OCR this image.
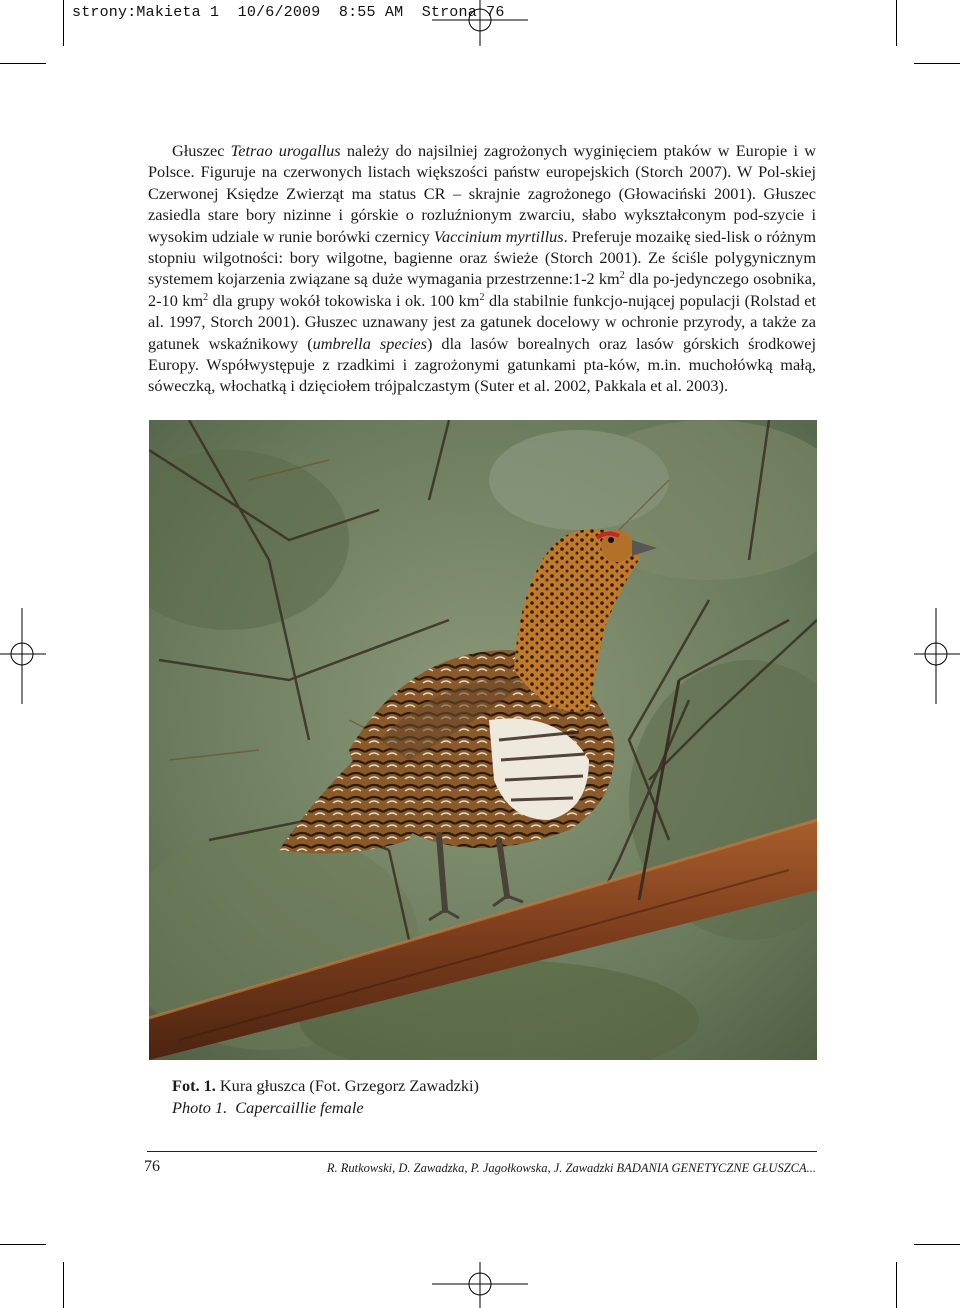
strony:Makieta 1 10/6/2009 8:55 AM Strona 76

Głuszec Tetrao urogallus należy do najsilniej zagrożonych wyginięciem ptaków w Europie i w Polsce. Figuruje na czerwonych listach większości państw europejskich (Storch 2007). W Pol-skiej Czerwonej Księdze Zwierząt ma status CR – skrajnie zagrożonego (Głowaciński 2001). Głuszec zasiedla stare bory nizinne i górskie o rozluźnionym zwarciu, słabo wykształconym pod-szycie i wysokim udziale w runie borówki czernicy Vaccinium myrtillus. Preferuje mozaikę sied-lisk o różnym stopniu wilgotności: bory wilgotne, bagienne oraz świeże (Storch 2001). Ze ściśle polygynicznym systemem kojarzenia związane są duże wymagania przestrzenne:1-2 $km^2$ dla po-jedynczego osobnika, 2-10 $km^2$ dla grupy wokół tokowiska i ok. 100 $km^2$ dla stabilnie funkcjo-nującej populacji (Rolstad et al. 1997, Storch 2001). Głuszec uznawany jest za gatunek docelowy w ochronie przyrody, a także za gatunek wskaźnikowy (umbrella species) dla lasów borealnych oraz lasów górskich środkowej Europy. Współwystępuje z rzadkimi i zagrożonymi gatunkami pta-ków, m.in. muchołówką małą, sóweczką, włochatką i dzięciołem trójpalczastym (Suter et al. 2002, Pakkala et al. 2003).

Fot. 1. Kura głuszca (Fot. Grzegorz Zawadzki)
Photo 1.  Capercaillie female
76	R. Rutkowski, D. Zawadzka, P. Jagołkowska, J. Zawadzki BADANIA GENETYCZNE GŁUSZCA...
